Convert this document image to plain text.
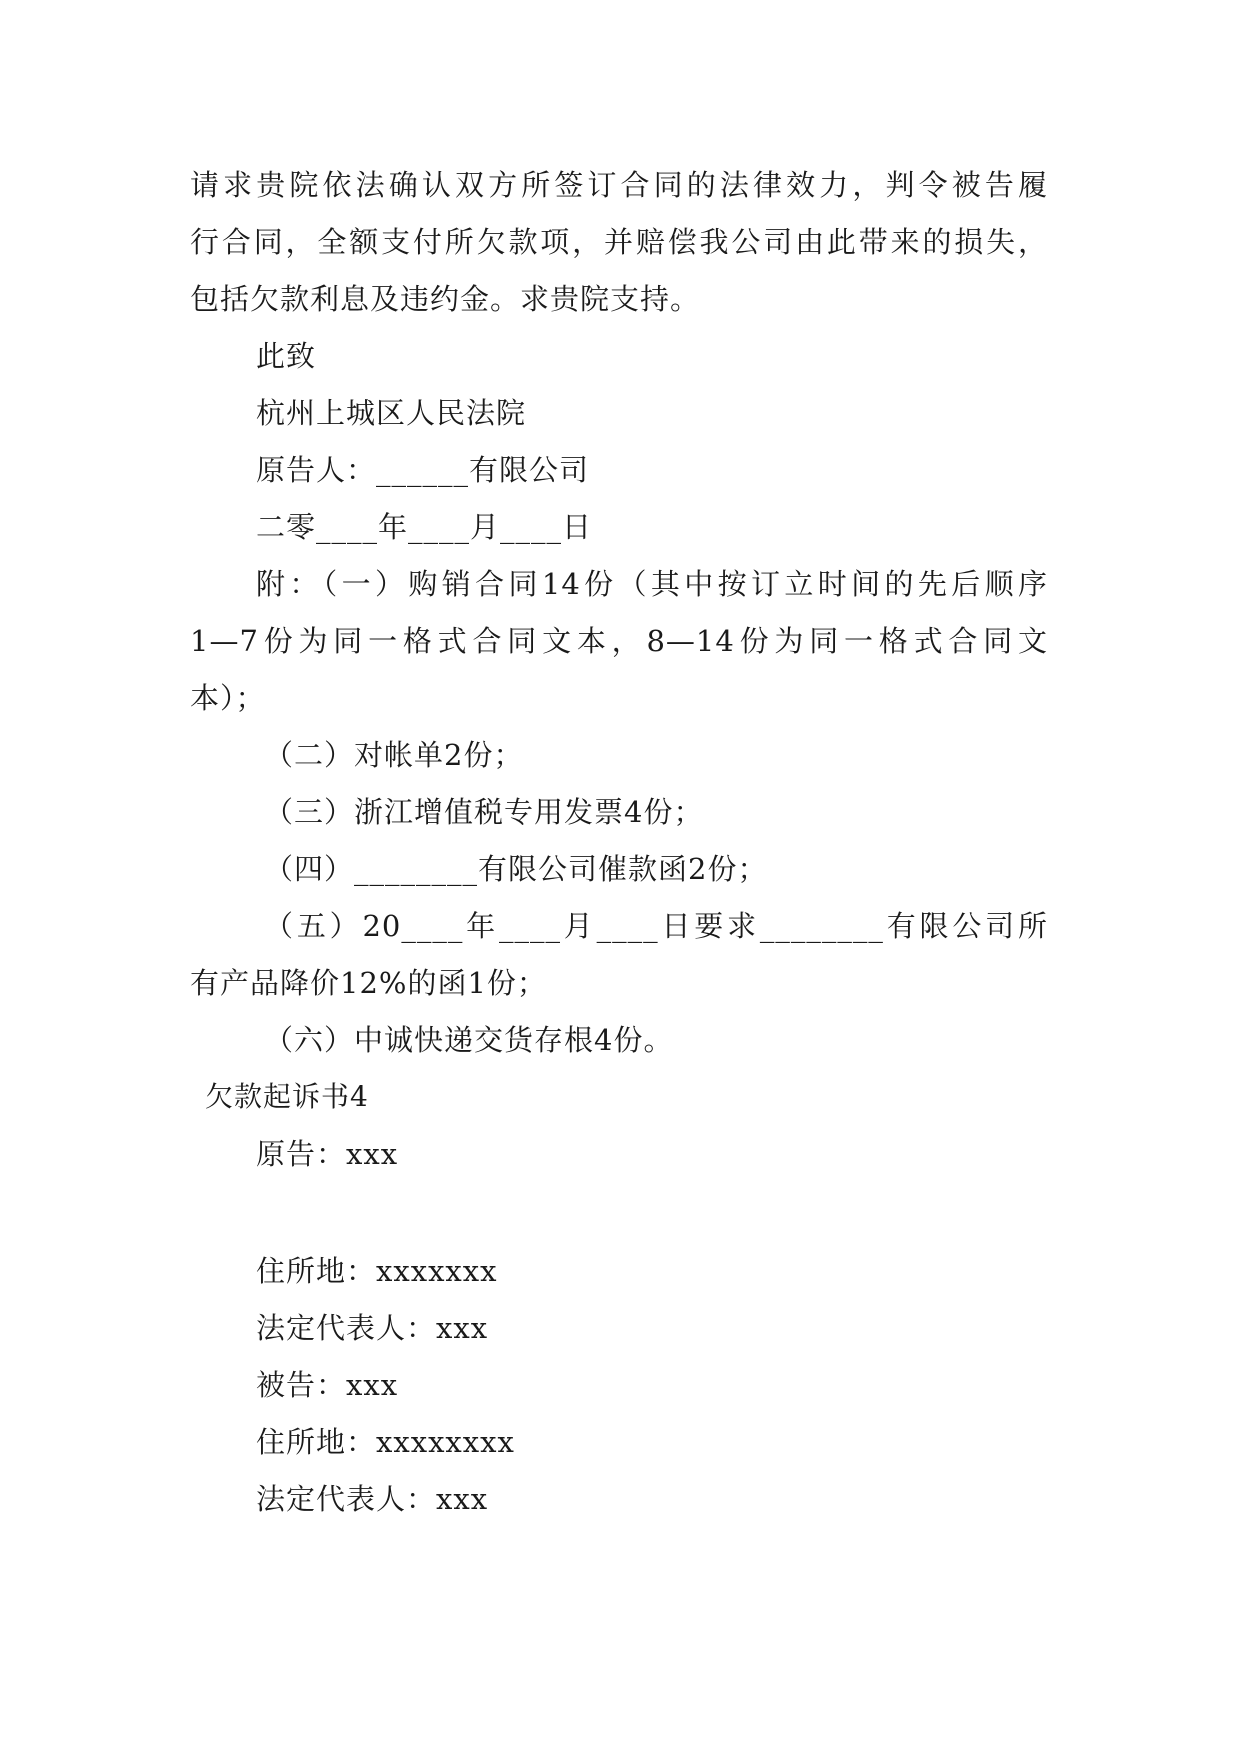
请求贵院依法确认双方所签订合同的法律效力，判令被告履
行合同，全额支付所欠款项，并赔偿我公司由此带来的损失，
包括欠款利息及违约金。求贵院支持。
此致
杭州上城区人民法院
原告人：______有限公司
二零____年____月____日
附：（一）购销合同14份（其中按订立时间的先后顺序
1—7份为同一格式合同文本，8—14份为同一格式合同文
本）；
（二）对帐单2份；
（三）浙江增值税专用发票4份；
（四）________有限公司催款函2份；
（五）20____年____月____日要求________有限公司所
有产品降价12%的函1份；
（六）中诚快递交货存根4份。
欠款起诉书4
原告：xxx
住所地：xxxxxxx
法定代表人：xxx
被告：xxx
住所地：xxxxxxxx
法定代表人：xxx
